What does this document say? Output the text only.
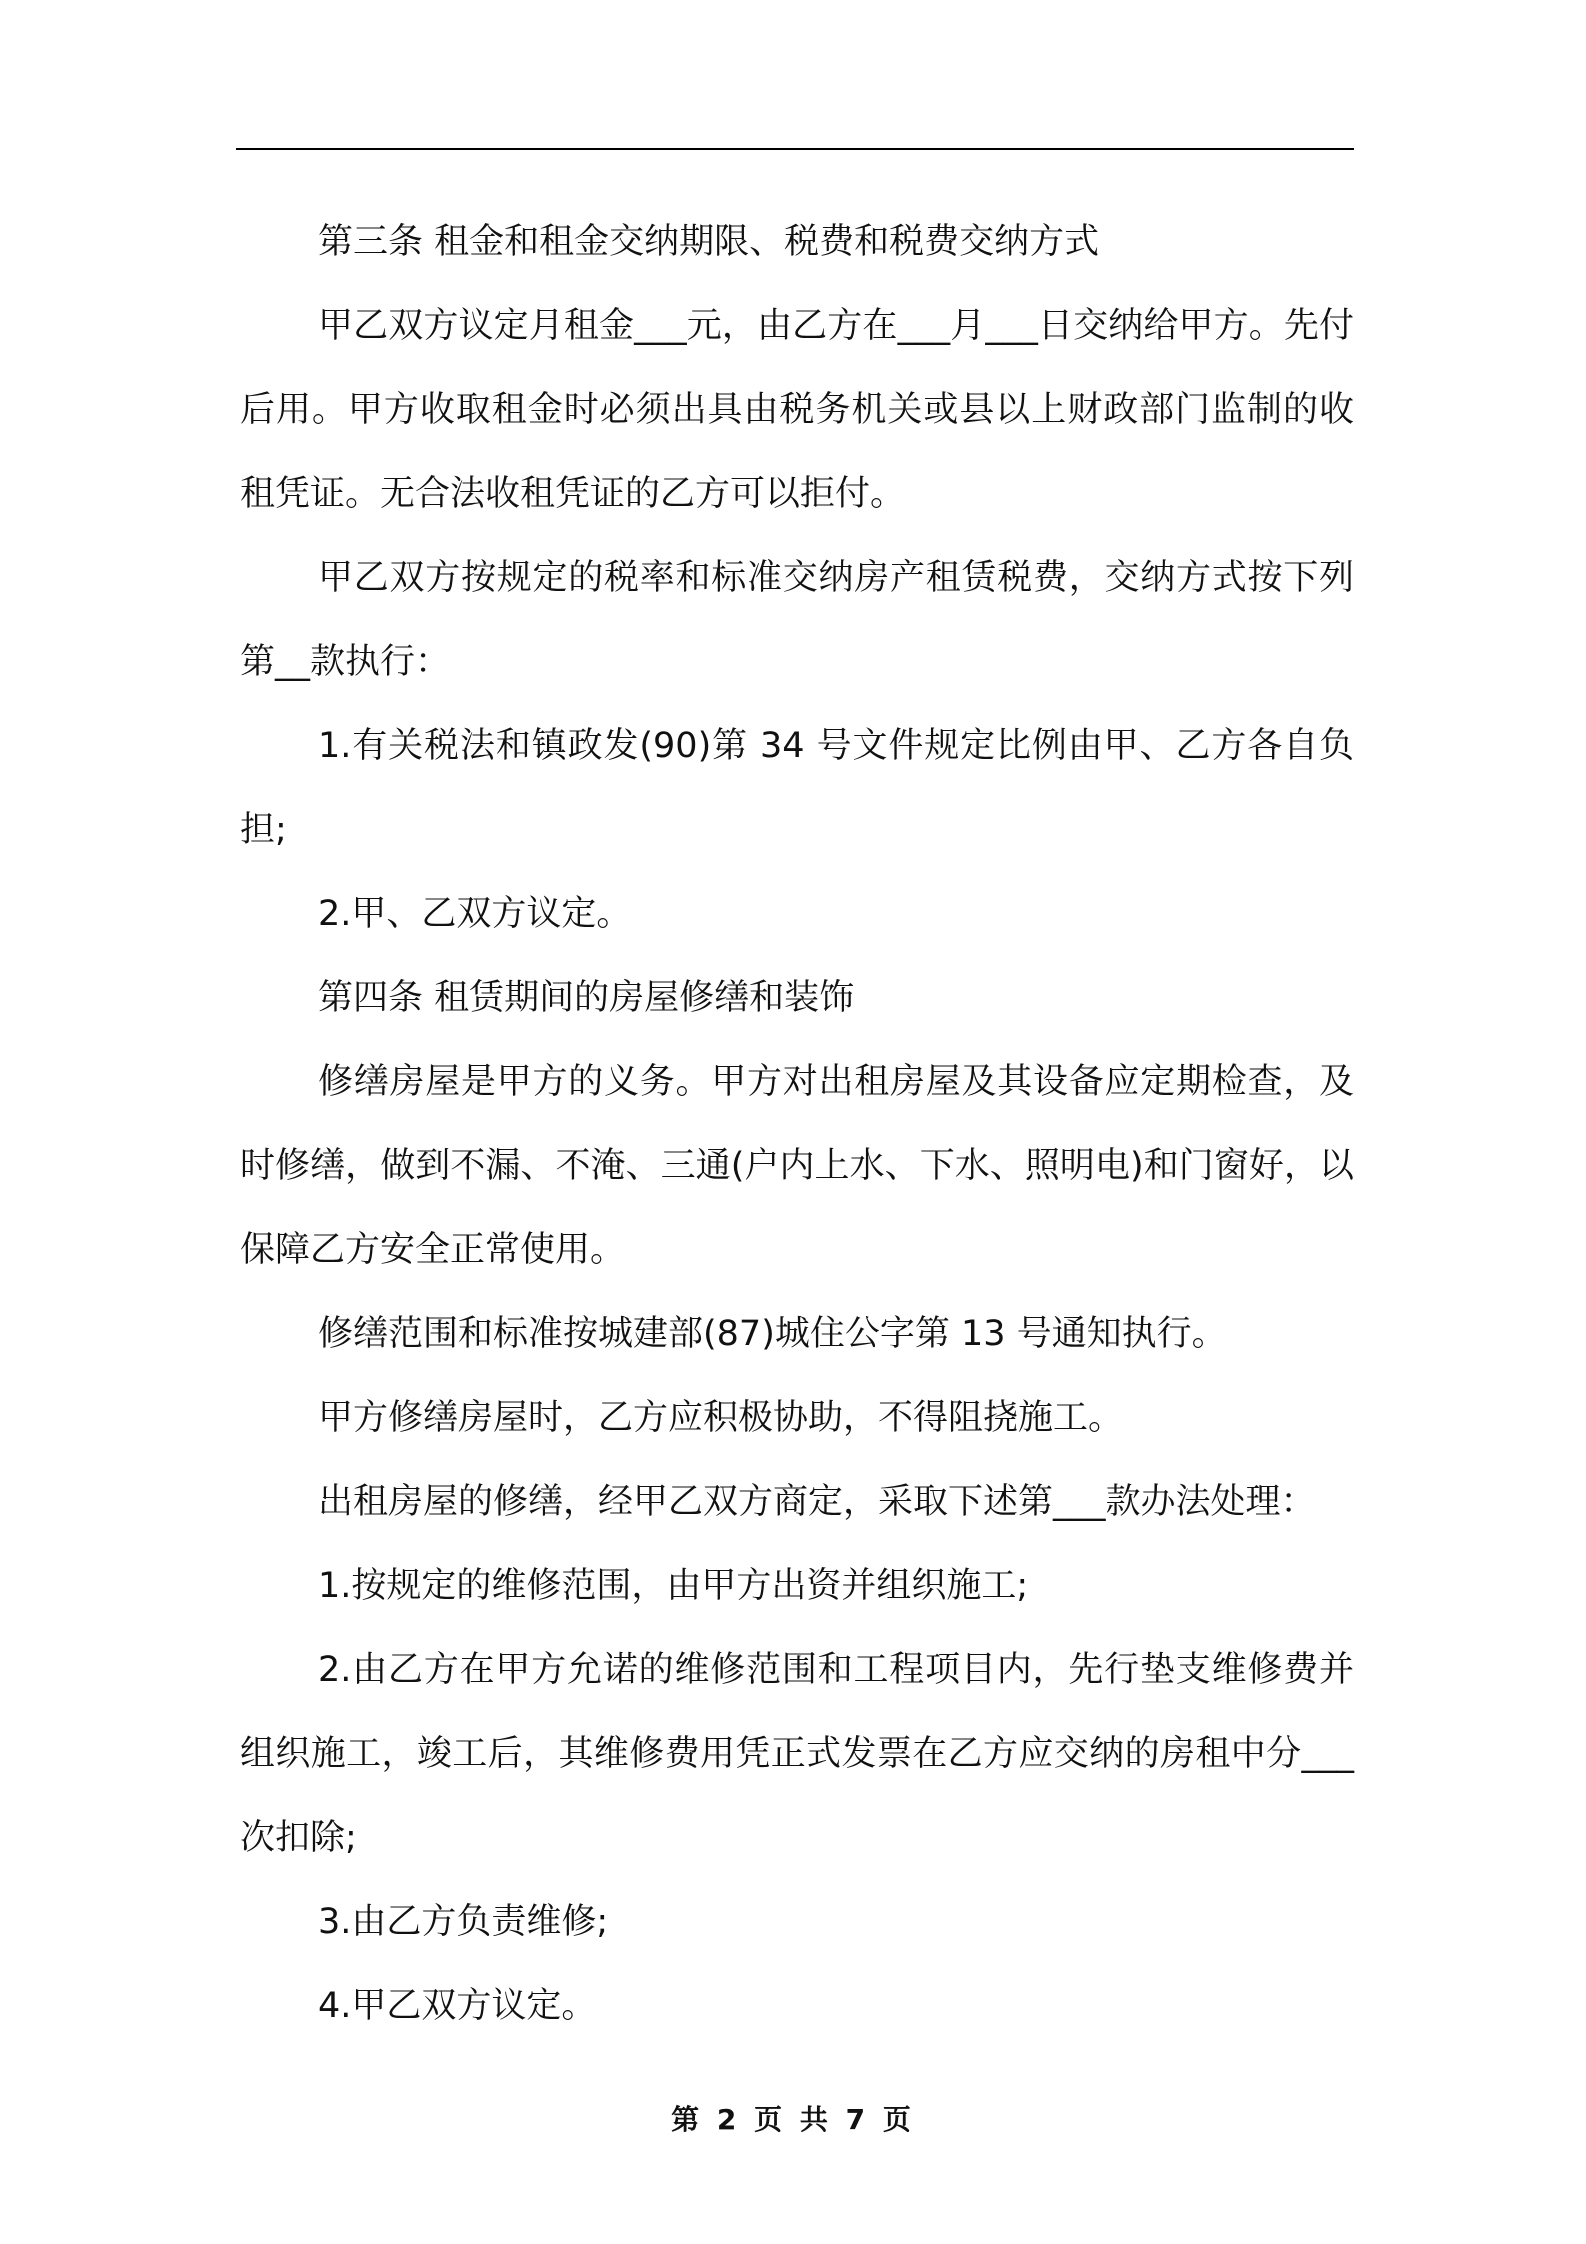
第三条 租金和租金交纳期限、税费和税费交纳方式

甲乙双方议定月租金___元，由乙方在___月___日交纳给甲方。先付后用。甲方收取租金时必须出具由税务机关或县以上财政部门监制的收租凭证。无合法收租凭证的乙方可以拒付。

甲乙双方按规定的税率和标准交纳房产租赁税费，交纳方式按下列第__款执行：

1.有关税法和镇政发(90)第 34 号文件规定比例由甲、乙方各自负担;

2.甲、乙双方议定。

第四条 租赁期间的房屋修缮和装饰

修缮房屋是甲方的义务。甲方对出租房屋及其设备应定期检查，及时修缮，做到不漏、不淹、三通(户内上水、下水、照明电)和门窗好，以保障乙方安全正常使用。

修缮范围和标准按城建部(87)城住公字第 13 号通知执行。

甲方修缮房屋时，乙方应积极协助，不得阻挠施工。

出租房屋的修缮，经甲乙双方商定，采取下述第___款办法处理：

1.按规定的维修范围，由甲方出资并组织施工;

2.由乙方在甲方允诺的维修范围和工程项目内，先行垫支维修费并组织施工，竣工后，其维修费用凭正式发票在乙方应交纳的房租中分___次扣除;

3.由乙方负责维修;

4.甲乙双方议定。

第 2 页 共 7 页
